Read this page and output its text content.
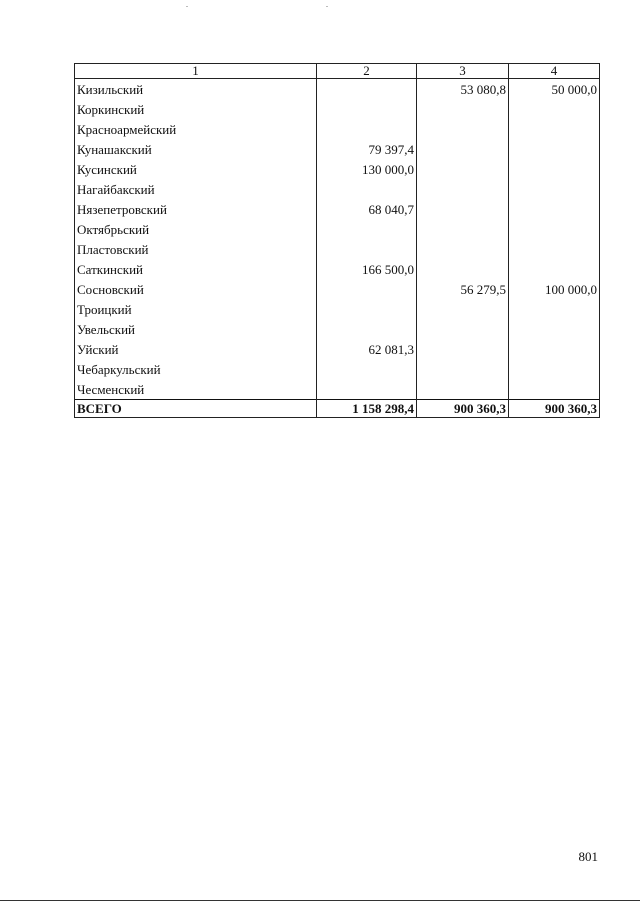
1	2	3	4
Кизильский		53 080,8	50 000,0
Коркинский			
Красноармейский			
Кунашакский	79 397,4		
Кусинский	130 000,0		
Нагайбакский			
Нязепетровский	68 040,7		
Октябрьский			
Пластовский			
Саткинский	166 500,0		
Сосновский		56 279,5	100 000,0
Троицкий			
Увельский			
Уйский	62 081,3		
Чебаркульский			
Чесменский			
ВСЕГО	1 158 298,4	900 360,3	900 360,3
801
